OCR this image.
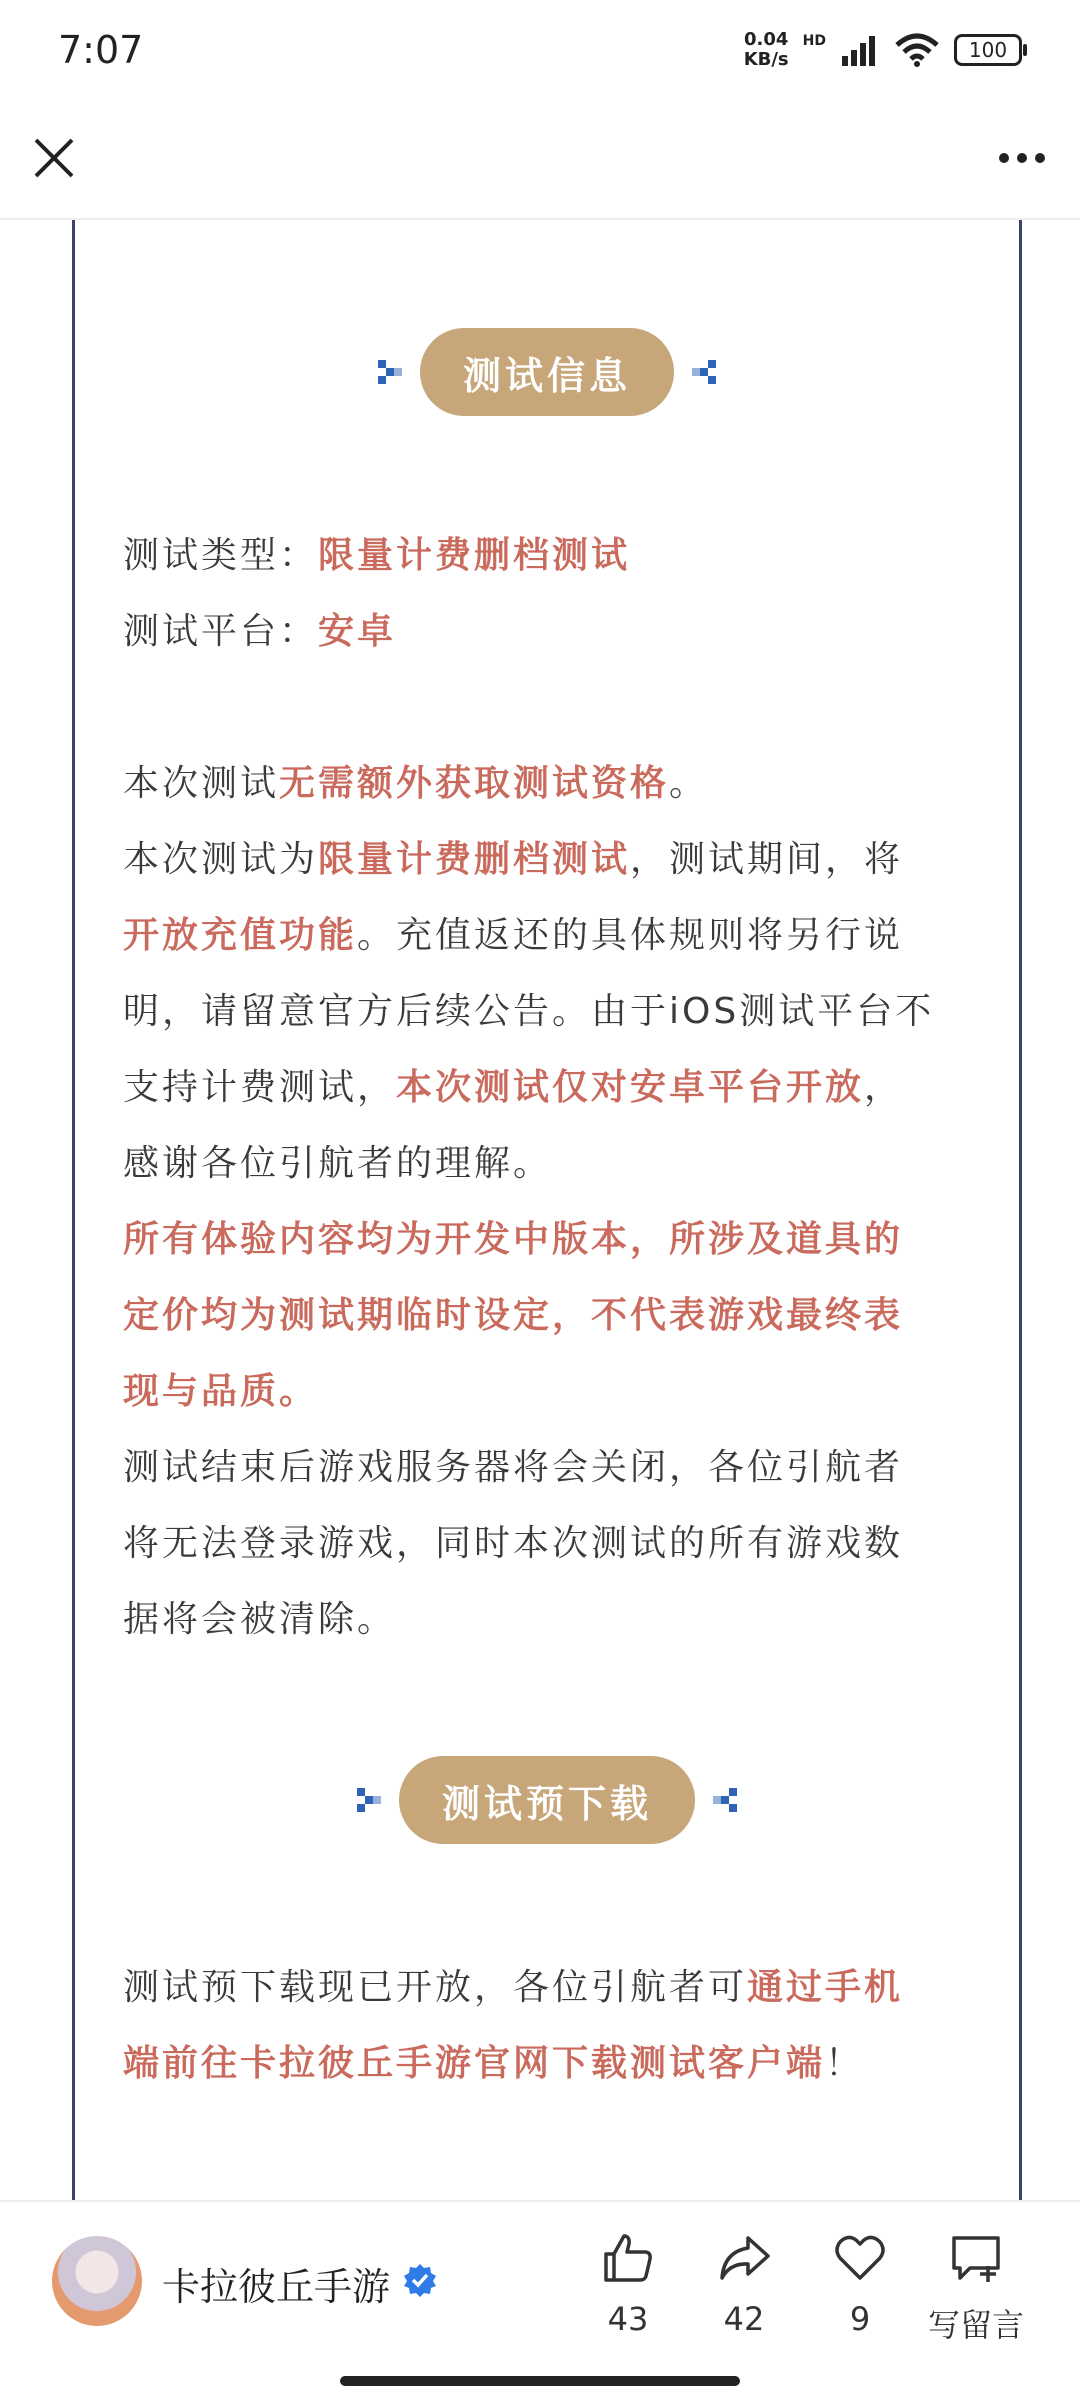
7:07	0.04
KB/s
HD	100
测试信息
测试类型：限量计费删档测试
测试平台：安卓

本次测试无需额外获取测试资格。
本次测试为限量计费删档测试，测试期间，将
开放充值功能。充值返还的具体规则将另行说
明，请留意官方后续公告。由于iOS测试平台不
支持计费测试，本次测试仅对安卓平台开放，
感谢各位引航者的理解。
所有体验内容均为开发中版本，所涉及道具的
定价均为测试期临时设定，不代表游戏最终表
现与品质。
测试结束后游戏服务器将会关闭，各位引航者
将无法登录游戏，同时本次测试的所有游戏数
据将会被清除。
测试预下载
测试预下载现已开放，各位引航者可通过手机
端前往卡拉彼丘手游官网下载测试客户端！
卡拉彼丘手游
43	42	9	写留言
